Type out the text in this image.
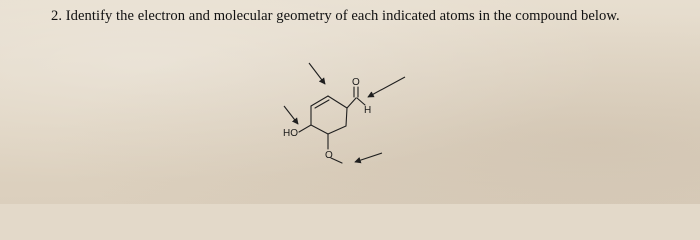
2. Identify the electron and molecular geometry of each indicated atoms in the compound below.
O
H
HO
O
